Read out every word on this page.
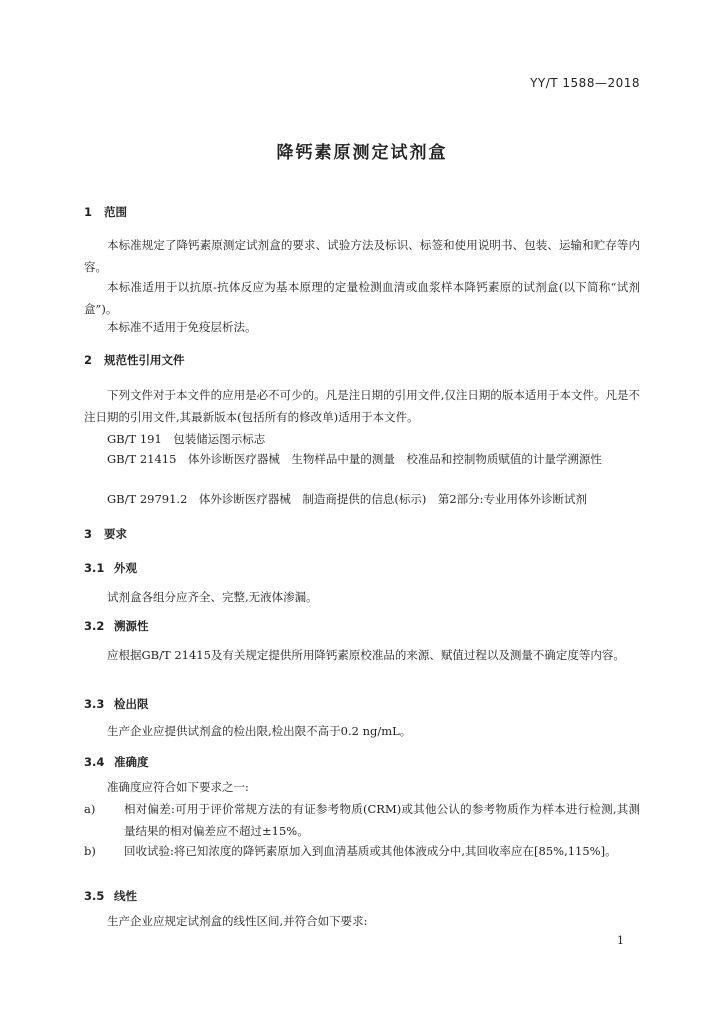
YY/T 1588—2018
降钙素原测定试剂盒
1 范围
本标准规定了降钙素原测定试剂盒的要求、试验方法及标识、标签和使用说明书、包装、运输和贮存等内容。
本标准适用于以抗原-抗体反应为基本原理的定量检测血清或血浆样本降钙素原的试剂盒(以下简称“试剂盒”)。
本标准不适用于免疫层析法。
2 规范性引用文件
下列文件对于本文件的应用是必不可少的。凡是注日期的引用文件,仅注日期的版本适用于本文件。凡是不注日期的引用文件,其最新版本(包括所有的修改单)适用于本文件。
GB/T 191　包装储运图示标志
GB/T 21415　体外诊断医疗器械　生物样品中量的测量　校准品和控制物质赋值的计量学溯源性
GB/T 29791.2　体外诊断医疗器械　制造商提供的信息(标示)　第2部分:专业用体外诊断试剂
3 要求
3.1 外观
试剂盒各组分应齐全、完整,无液体渗漏。
3.2 溯源性
应根据GB/T 21415及有关规定提供所用降钙素原校准品的来源、赋值过程以及测量不确定度等内容。
3.3 检出限
生产企业应提供试剂盒的检出限,检出限不高于0.2 ng/mL。
3.4 准确度
准确度应符合如下要求之一:
a) 相对偏差:可用于评价常规方法的有证参考物质(CRM)或其他公认的参考物质作为样本进行检测,其测量结果的相对偏差应不超过±15%。
b) 回收试验:将已知浓度的降钙素原加入到血清基质或其他体液成分中,其回收率应在[85%,115%]。
3.5 线性
生产企业应规定试剂盒的线性区间,并符合如下要求:
1
